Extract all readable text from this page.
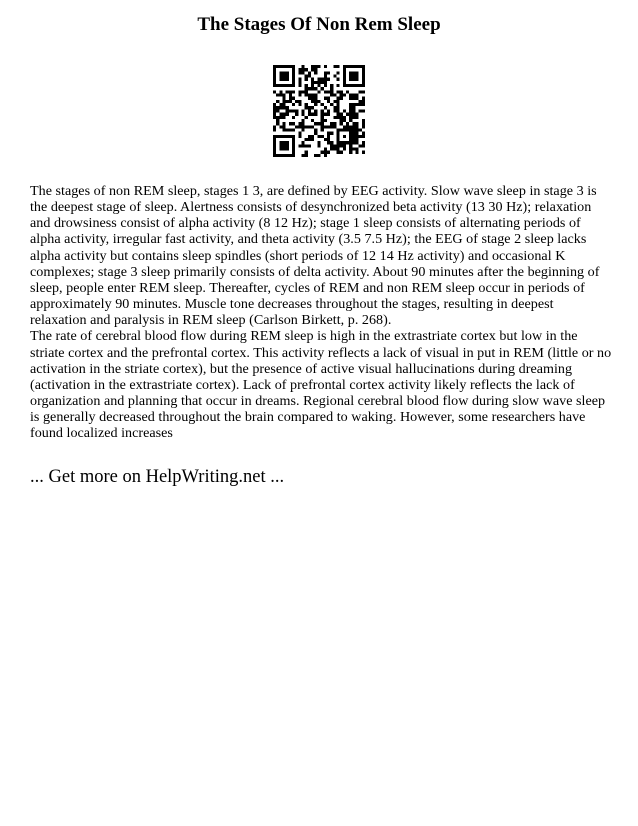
The Stages Of Non Rem Sleep

The stages of non REM sleep, stages 1 3, are defined by EEG activity. Slow wave sleep in stage 3 is the deepest stage of sleep. Alertness consists of desynchronized beta activity (13 30 Hz); relaxation and drowsiness consist of alpha activity (8 12 Hz); stage 1 sleep consists of alternating periods of alpha activity, irregular fast activity, and theta activity (3.5 7.5 Hz); the EEG of stage 2 sleep lacks alpha activity but contains sleep spindles (short periods of 12 14 Hz activity) and occasional K complexes; stage 3 sleep primarily consists of delta activity. About 90 minutes after the beginning of sleep, people enter REM sleep. Thereafter, cycles of REM and non REM sleep occur in periods of approximately 90 minutes. Muscle tone decreases throughout the stages, resulting in deepest relaxation and paralysis in REM sleep (Carlson Birkett, p. 268).

The rate of cerebral blood flow during REM sleep is high in the extrastriate cortex but low in the striate cortex and the prefrontal cortex. This activity reflects a lack of visual in put in REM (little or no activation in the striate cortex), but the presence of active visual hallucinations during dreaming (activation in the extrastriate cortex). Lack of prefrontal cortex activity likely reflects the lack of organization and planning that occur in dreams. Regional cerebral blood flow during slow wave sleep is generally decreased throughout the brain compared to waking. However, some researchers have found localized increases

... Get more on HelpWriting.net ...
